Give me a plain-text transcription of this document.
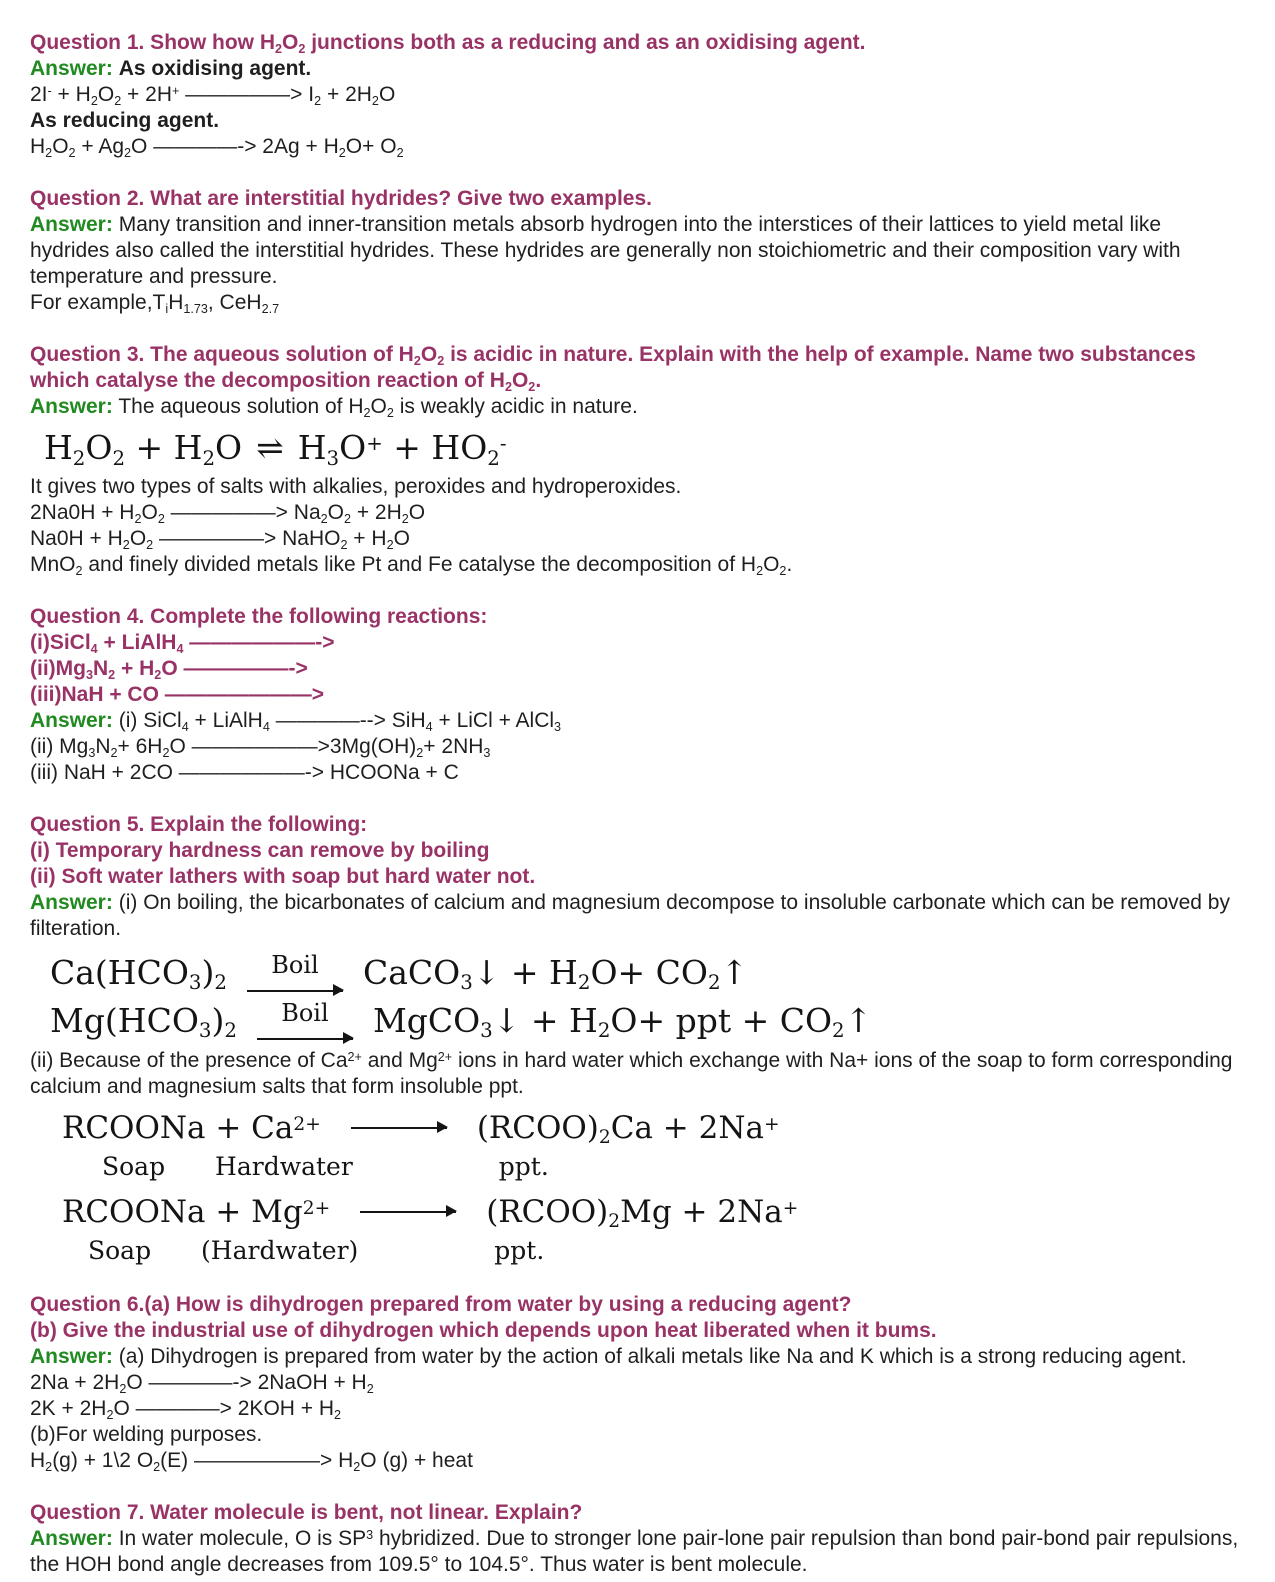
Question 1. Show how $H_2O_2$ junctions both as a reducing and as an oxidising agent.

Answer: As oxidising agent.

$2I^- + H_2O_2 + 2H^+$ —————> $I_2 + 2H_2O$

As reducing agent.

$H_2O_2 + Ag_2O$ ————-> $2Ag + H_2O+ O_2$

Question 2. What are interstitial hydrides? Give two examples.

Answer: Many transition and inner-transition metals absorb hydrogen into the interstices of their lattices to yield metal like hydrides also called the interstitial hydrides. These hydrides are generally non stoichiometric and their composition vary with temperature and pressure.

For $example,T_iH_{1.73}$, CeH$_{2.7}$

Question 3. The aqueous solution of $H_2O_2$ is acidic in nature. Explain with the help of example. Name two substances which catalyse the decomposition reaction of $H_2O_2$.

Answer: The aqueous solution of $H_2O_2$ is weakly acidic in nature.

$H_2O_2 + H_2O$ ⇌ $H_3O^+ + HO_2^-$

It gives two types of salts with alkalies, peroxides and hydroperoxides.

$2Na0H + H_2O_2$ —————> $Na_2O_2 + 2H_2O$

$Na0H + H_2O_2$ —————> NaHO$_2$ + $H_2O$

MnO$_2$ and finely divided metals like Pt and Fe catalyse the decomposition of $H_2O_2$.

Question 4. Complete the following reactions:

(i)SiCl$_4$ + LiAlH$_4$ ——————->

$(ii)Mg_3N_2 + H_2O$ —————->

(iii)NaH + CO ———————>

Answer: (i) SiCl$_4$ + LiAlH$_4$ ————--> SiH$_4$ + LiCl + AlCl$_3$

(ii) $Mg_3N_2+ 6H_2O$ $——————>3Mg(OH)_2+ 2NH_3$

(iii) NaH + 2CO ——————-> HCOONa + C

Question 5. Explain the following:

(i) Temporary hardness can remove by boiling

(ii) Soft water lathers with soap but hard water not.

Answer: (i) On boiling, the bicarbonates of calcium and magnesium decompose to insoluble carbonate which can be removed by filteration.

$Ca(HCO_3)_2$
Boil CaCO$_3$↓ + $H_2O+$ $CO_2↑$
$Mg(HCO_3)_2$
Boil MgCO$_3$↓ + $H_2O+$ ppt + $CO_2↑$

(ii) Because of the presence of $Ca^{2+}$ and $Mg^{2+}$ ions in hard water which exchange with Na+ ions of the soap to form corresponding calcium and magnesium salts that form insoluble ppt.

RCOONa + $Ca^{2+}$	$(RCOO)_2Ca + 2Na^+$
Soap Hardwater	ppt.
RCOONa + $Mg^{2+}$	$(RCOO)_2Mg + 2Na^+$
Soap (Hardwater)	ppt.

Question 6.(a) How is dihydrogen prepared from water by using a reducing agent?

(b) Give the industrial use of dihydrogen which depends upon heat liberated when it bums.

Answer: (a) Dihydrogen is prepared from water by the action of alkali metals like Na and K which is a strong reducing agent.

$2Na + 2H_2O$ ————-> 2NaOH + $H_2$

$2K + 2H_2O$ ————> $2KOH + H_2$

(b)For welding purposes.

$H_2(g)$ + 1\2 $O_2(E)$ ——————> $H_2O$ (g) + heat

Question 7. Water molecule is bent, not linear. Explain?

Answer: In water molecule, O is $SP^3$ hybridized. Due to stronger lone pair-lone pair repulsion than bond pair-bond pair repulsions, the HOH bond angle decreases from 109.5° to 104.5°. Thus water is bent molecule.
